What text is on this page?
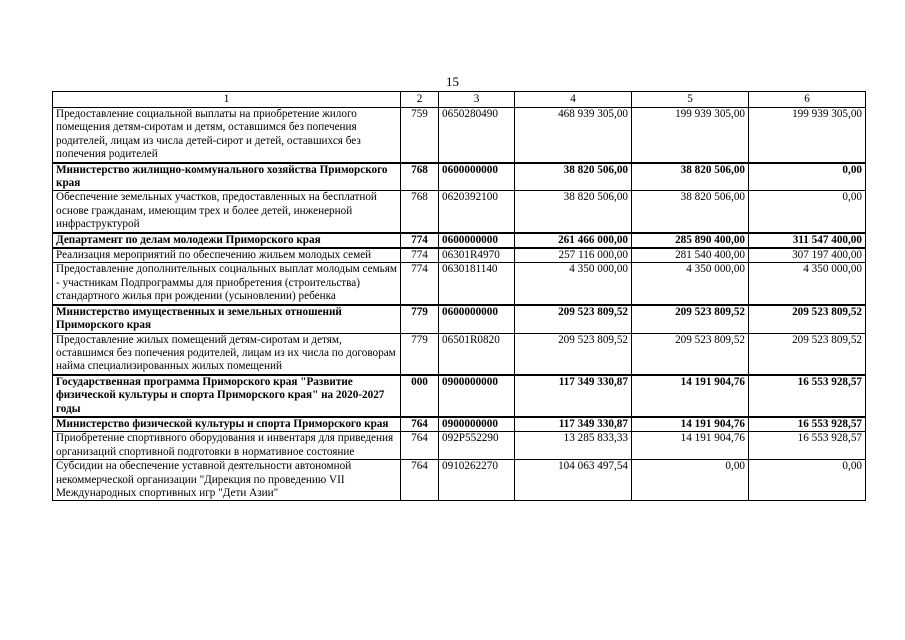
15
1	2	3	4	5	6
Предоставление социальной выплаты на приобретение жилого помещения детям-сиротам и детям, оставшимся без попечения родителей, лицам из числа детей-сирот и детей, оставшихся без попечения родителей	759	0650280490	468 939 305,00	199 939 305,00	199 939 305,00
Министерство жилищно-коммунального хозяйства Приморского края	768	0600000000	38 820 506,00	38 820 506,00	0,00
Обеспечение земельных участков, предоставленных на бесплатной основе гражданам, имеющим трех и более детей, инженерной инфраструктурой	768	0620392100	38 820 506,00	38 820 506,00	0,00
Департамент по делам молодежи Приморского края	774	0600000000	261 466 000,00	285 890 400,00	311 547 400,00
Реализация мероприятий по обеспечению жильем молодых семей	774	06301R4970	257 116 000,00	281 540 400,00	307 197 400,00
Предоставление дополнительных социальных выплат молодым семьям - участникам Подпрограммы для приобретения (строительства) стандартного жилья при рождении (усыновлении) ребенка	774	0630181140	4 350 000,00	4 350 000,00	4 350 000,00
Министерство имущественных и земельных отношений Приморского края	779	0600000000	209 523 809,52	209 523 809,52	209 523 809,52
Предоставление жилых помещений детям-сиротам и детям, оставшимся без попечения родителей, лицам из их числа по договорам найма специализированных жилых помещений	779	06501R0820	209 523 809,52	209 523 809,52	209 523 809,52
Государственная программа Приморского края "Развитие физической культуры и спорта Приморского края" на 2020-2027 годы	000	0900000000	117 349 330,87	14 191 904,76	16 553 928,57
Министерство физической культуры и спорта Приморского края	764	0900000000	117 349 330,87	14 191 904,76	16 553 928,57
Приобретение спортивного оборудования и инвентаря для приведения организаций спортивной подготовки в нормативное состояние	764	092P552290	13 285 833,33	14 191 904,76	16 553 928,57
Субсидии на обеспечение уставной деятельности автономной некоммерческой организации "Дирекция по проведению VII Международных спортивных игр "Дети Азии"	764	0910262270	104 063 497,54	0,00	0,00
